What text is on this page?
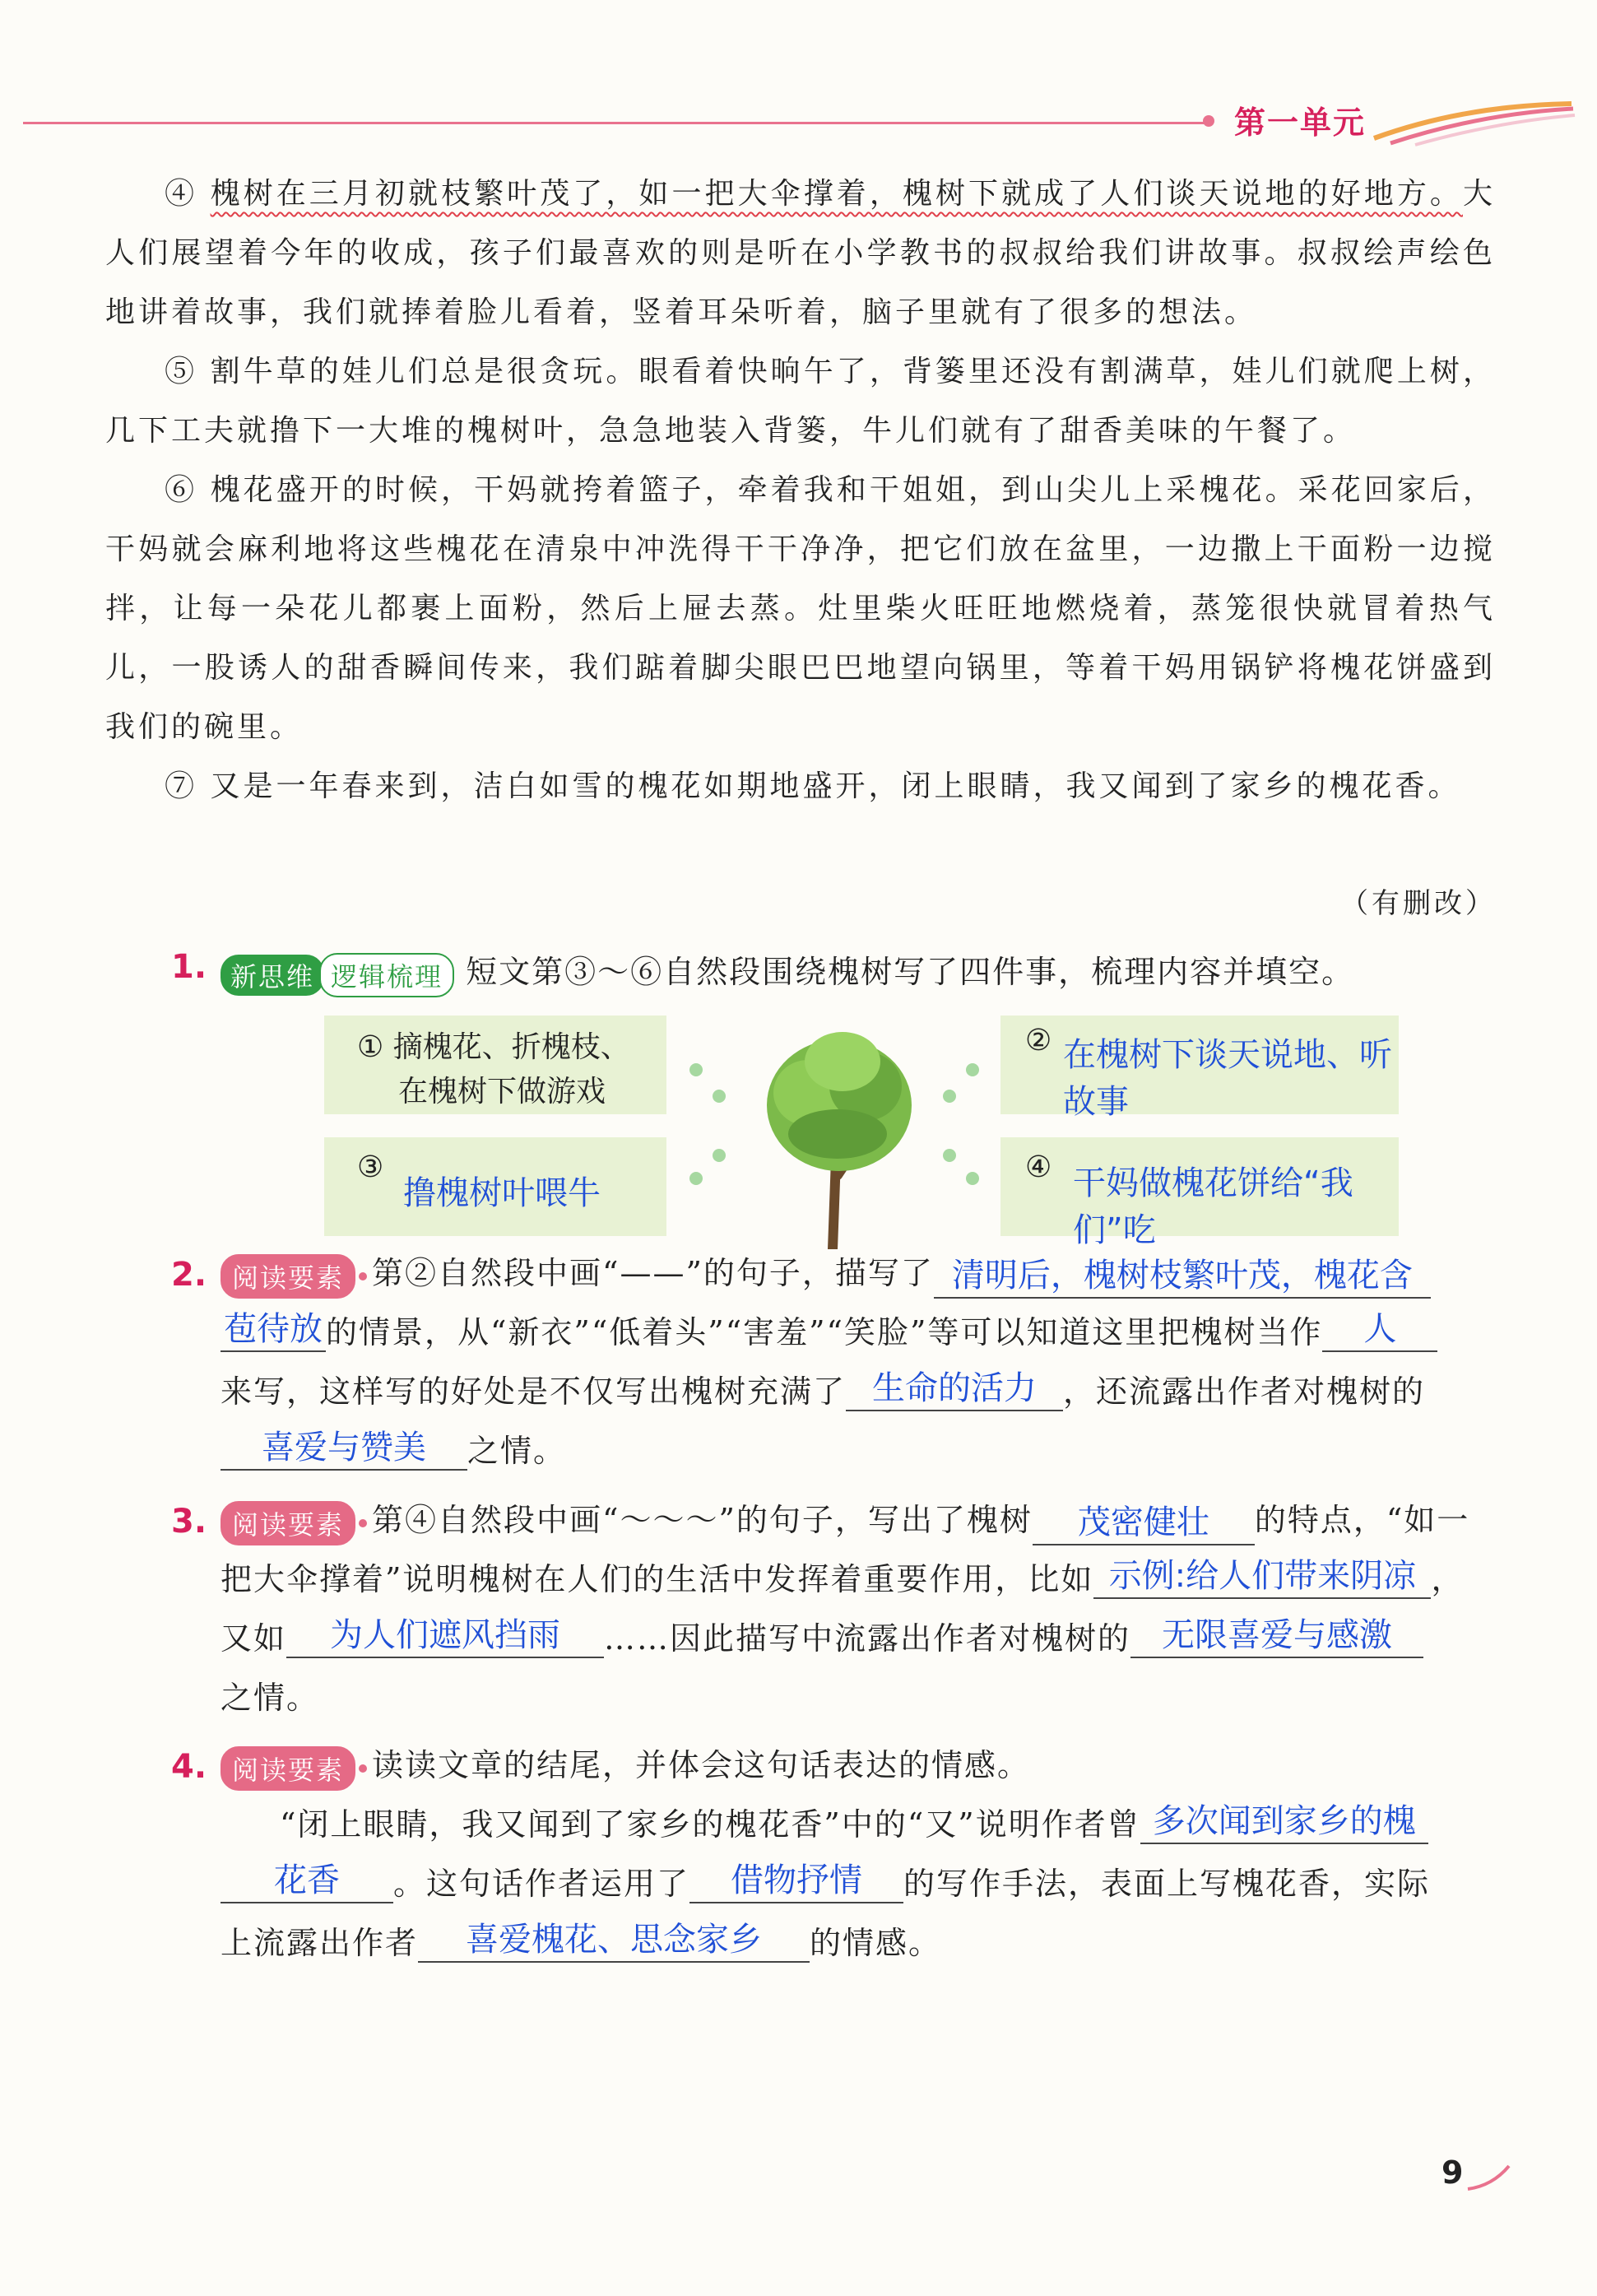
第一单元
④ 槐树在三月初就枝繁叶茂了，如一把大伞撑着，槐树下就成了人们谈天说地的好地方。大人们展望着今年的收成，孩子们最喜欢的则是听在小学教书的叔叔给我们讲故事。叔叔绘声绘色地讲着故事，我们就捧着脸儿看着，竖着耳朵听着，脑子里就有了很多的想法。
⑤ 割牛草的娃儿们总是很贪玩。眼看着快晌午了，背篓里还没有割满草，娃儿们就爬上树，几下工夫就撸下一大堆的槐树叶，急急地装入背篓，牛儿们就有了甜香美味的午餐了。
⑥ 槐花盛开的时候，干妈就挎着篮子，牵着我和干姐姐，到山尖儿上采槐花。采花回家后，干妈就会麻利地将这些槐花在清泉中冲洗得干干净净，把它们放在盆里，一边撒上干面粉一边搅拌，让每一朵花儿都裹上面粉，然后上屉去蒸。灶里柴火旺旺地燃烧着，蒸笼很快就冒着热气儿，一股诱人的甜香瞬间传来，我们踮着脚尖眼巴巴地望向锅里，等着干妈用锅铲将槐花饼盛到我们的碗里。
⑦ 又是一年春来到，洁白如雪的槐花如期地盛开，闭上眼睛，我又闻到了家乡的槐花香。
（有删改）
1. 新思维 逻辑梳理 短文第③～⑥自然段围绕槐树写了四件事，梳理内容并填空。
① 摘槐花、折槐枝、
在槐树下做游戏
② 在槐树下谈天说地、听故事
③
撸槐树叶喂牛
④ 干妈做槐花饼给“我们”吃
2. 阅读要素 第②自然段中画“——”的句子，描写了 清明后，槐树枝繁叶茂，槐花含
苞待放 的情景，从“新衣”“低着头”“害羞”“笑脸”等可以知道这里把槐树当作 人
来写，这样写的好处是不仅写出槐树充满了 生命的活力 ，还流露出作者对槐树的
喜爱与赞美 之情。
3. 阅读要素 第④自然段中画“～～～”的句子，写出了槐树 茂密健壮 的特点，“如一
把大伞撑着”说明槐树在人们的生活中发挥着重要作用，比如 示例:给人们带来阴凉 ，
又如 为人们遮风挡雨 ……因此描写中流露出作者对槐树的 无限喜爱与感激
之情。
4. 阅读要素 读读文章的结尾，并体会这句话表达的情感。
“闭上眼睛，我又闻到了家乡的槐花香”中的“又”说明作者曾 多次闻到家乡的槐
花香 。这句话作者运用了 借物抒情 的写作手法，表面上写槐花香，实际
上流露出作者 喜爱槐花、思念家乡 的情感。
9
